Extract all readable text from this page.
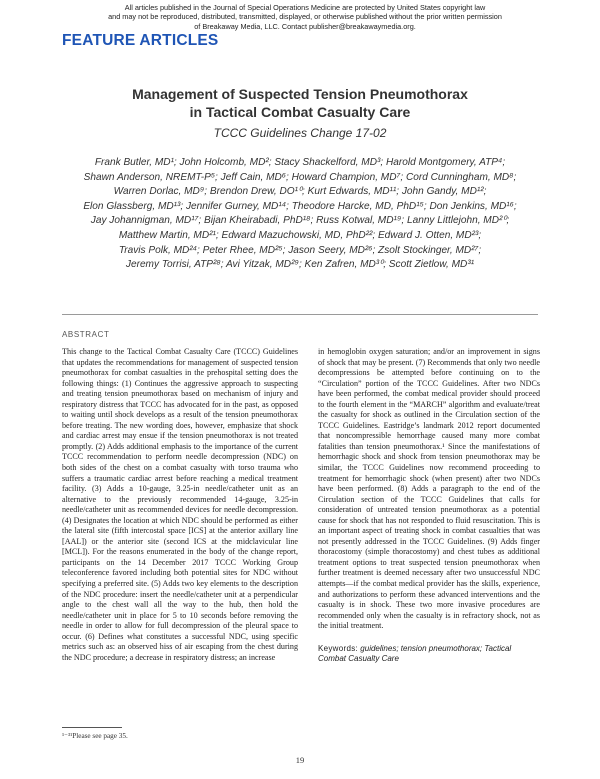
All articles published in the Journal of Special Operations Medicine are protected by United States copyright law
and may not be reproduced, distributed, transmitted, displayed, or otherwise published without the prior written permission
of Breakaway Media, LLC. Contact publisher@breakawaymedia.org.
FEATURE ARTICLES
Management of Suspected Tension Pneumothorax
in Tactical Combat Casualty Care
TCCC Guidelines Change 17-02
Frank Butler, MD¹; John Holcomb, MD²; Stacy Shackelford, MD³; Harold Montgomery, ATP⁴;
Shawn Anderson, NREMT-P⁵; Jeff Cain, MD⁶; Howard Champion, MD⁷; Cord Cunningham, MD⁸;
Warren Dorlac, MD⁹; Brendon Drew, DO¹⁰; Kurt Edwards, MD¹¹; John Gandy, MD¹²;
Elon Glassberg, MD¹³; Jennifer Gurney, MD¹⁴; Theodore Harcke, MD, PhD¹⁵; Don Jenkins, MD¹⁶;
Jay Johannigman, MD¹⁷; Bijan Kheirabadi, PhD¹⁸; Russ Kotwal, MD¹⁹; Lanny Littlejohn, MD²⁰;
Matthew Martin, MD²¹; Edward Mazuchowski, MD, PhD²²; Edward J. Otten, MD²³;
Travis Polk, MD²⁴; Peter Rhee, MD²⁵; Jason Seery, MD²⁶; Zsolt Stockinger, MD²⁷;
Jeremy Torrisi, ATP²⁸; Avi Yitzak, MD²⁹; Ken Zafren, MD³⁰; Scott Zietlow, MD³¹
ABSTRACT

This change to the Tactical Combat Casualty Care (TCCC) Guidelines that updates the recommendations for management of suspected tension pneumothorax for combat casualties in the prehospital setting does the following things: (1) Continues the aggressive approach to suspecting and treating tension pneumothorax based on mechanism of injury and respiratory distress that TCCC has advocated for in the past, as opposed to waiting until shock develops as a result of the tension pneumothorax before treating. The new wording does, however, emphasize that shock and cardiac arrest may ensue if the tension pneumothorax is not treated promptly. (2) Adds additional emphasis to the importance of the current TCCC recommendation to perform needle decompression (NDC) on both sides of the chest on a combat casualty with torso trauma who suffers a traumatic cardiac arrest before reaching a medical treatment facility. (3) Adds a 10-gauge, 3.25-in needle/catheter unit as an alternative to the previously recommended 14-gauge, 3.25-in needle/catheter unit as recommended devices for needle decompression. (4) Designates the location at which NDC should be performed as either the lateral site (fifth intercostal space [ICS] at the anterior axillary line [AAL]) or the anterior site (second ICS at the midclavicular line [MCL]). For the reasons enumerated in the body of the change report, participants on the 14 December 2017 TCCC Working Group teleconference favored including both potential sites for NDC without specifying a preferred site. (5) Adds two key elements to the description of the NDC procedure: insert the needle/catheter unit at a perpendicular angle to the chest wall all the way to the hub, then hold the needle/catheter unit in place for 5 to 10 seconds before removing the needle in order to allow for full decompression of the pleural space to occur. (6) Defines what constitutes a successful NDC, using specific metrics such as: an observed hiss of air escaping from the chest during the NDC procedure; a decrease in respiratory distress; an increase

in hemoglobin oxygen saturation; and/or an improvement in signs of shock that may be present. (7) Recommends that only two needle decompressions be attempted before continuing on to the “Circulation” portion of the TCCC Guidelines. After two NDCs have been performed, the combat medical provider should proceed to the fourth element in the “MARCH” algorithm and evaluate/treat the casualty for shock as outlined in the Circulation section of the TCCC Guidelines. Eastridge’s landmark 2012 report documented that noncompressible hemorrhage caused many more combat fatalities than tension pneumothorax.¹ Since the manifestations of hemorrhagic shock and shock from tension pneumothorax may be similar, the TCCC Guidelines now recommend proceeding to treatment for hemorrhagic shock (when present) after two NDCs have been performed. (8) Adds a paragraph to the end of the Circulation section of the TCCC Guidelines that calls for consideration of untreated tension pneumothorax as a potential cause for shock that has not responded to fluid resuscitation. This is an important aspect of treating shock in combat casualties that was not presently addressed in the TCCC Guidelines. (9) Adds finger thoracostomy (simple thoracostomy) and chest tubes as additional treatment options to treat suspected tension pneumothorax when further treatment is deemed necessary after two unsuccessful NDC attempts—if the combat medical provider has the skills, experience, and authorizations to perform these advanced interventions and the casualty is in shock. These two more invasive procedures are recommended only when the casualty is in refractory shock, not as the initial treatment.

Keywords: guidelines; tension pneumothorax; Tactical Combat Casualty Care

¹⁻³¹Please see page 35.
19
